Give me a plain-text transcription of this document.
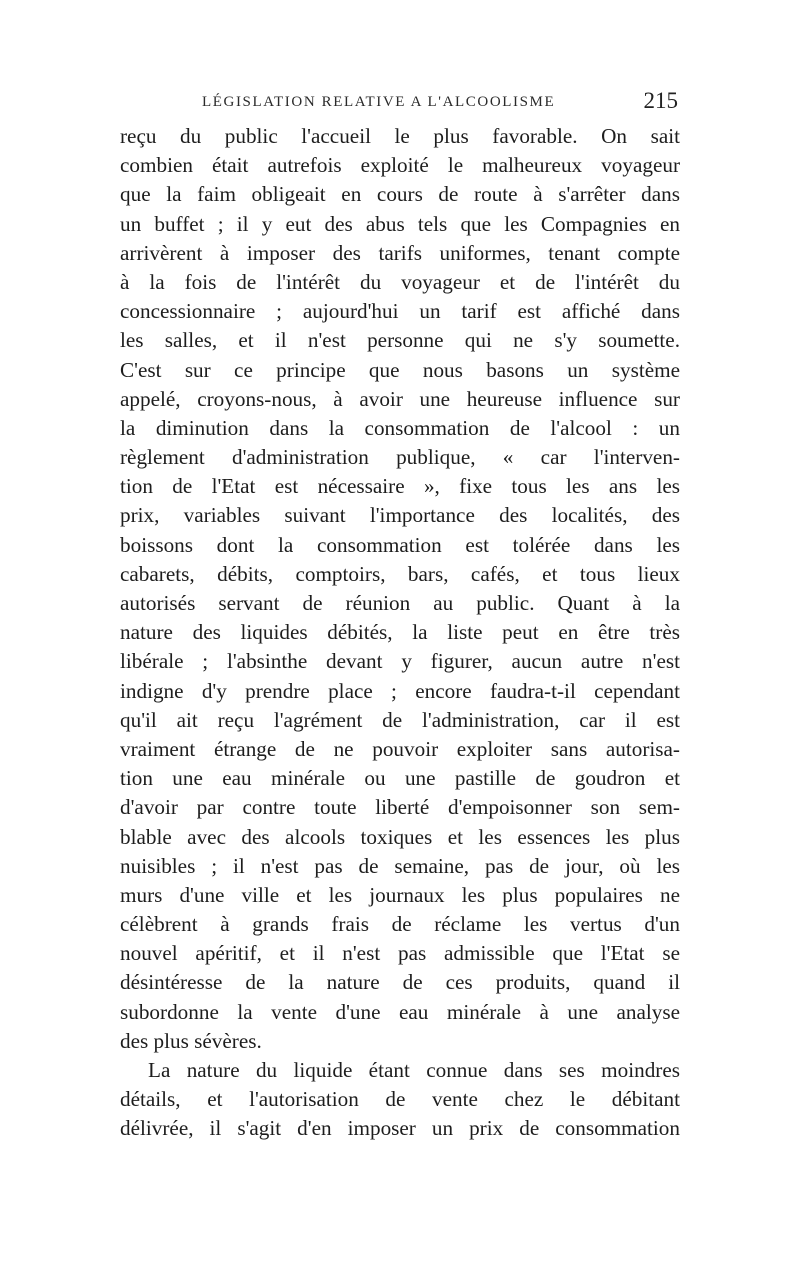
LÉGISLATION RELATIVE A L'ALCOOLISME	215
reçu du public l'accueil le plus favorable. On sait
combien était autrefois exploité le malheureux voyageur
que la faim obligeait en cours de route à s'arrêter dans
un buffet ; il y eut des abus tels que les Compagnies en
arrivèrent à imposer des tarifs uniformes, tenant compte
à la fois de l'intérêt du voyageur et de l'intérêt du
concessionnaire ; aujourd'hui un tarif est affiché dans
les salles, et il n'est personne qui ne s'y soumette.
C'est sur ce principe que nous basons un système
appelé, croyons-nous, à avoir une heureuse influence sur
la diminution dans la consommation de l'alcool : un
règlement d'administration publique, « car l'interven-
tion de l'Etat est nécessaire », fixe tous les ans les
prix, variables suivant l'importance des localités, des
boissons dont la consommation est tolérée dans les
cabarets, débits, comptoirs, bars, cafés, et tous lieux
autorisés servant de réunion au public. Quant à la
nature des liquides débités, la liste peut en être très
libérale ; l'absinthe devant y figurer, aucun autre n'est
indigne d'y prendre place ; encore faudra-t-il cependant
qu'il ait reçu l'agrément de l'administration, car il est
vraiment étrange de ne pouvoir exploiter sans autorisa-
tion une eau minérale ou une pastille de goudron et
d'avoir par contre toute liberté d'empoisonner son sem-
blable avec des alcools toxiques et les essences les plus
nuisibles ; il n'est pas de semaine, pas de jour, où les
murs d'une ville et les journaux les plus populaires ne
célèbrent à grands frais de réclame les vertus d'un
nouvel apéritif, et il n'est pas admissible que l'Etat se
désintéresse de la nature de ces produits, quand il
subordonne la vente d'une eau minérale à une analyse
des plus sévères.
La nature du liquide étant connue dans ses moindres
détails, et l'autorisation de vente chez le débitant
délivrée, il s'agit d'en imposer un prix de consommation
